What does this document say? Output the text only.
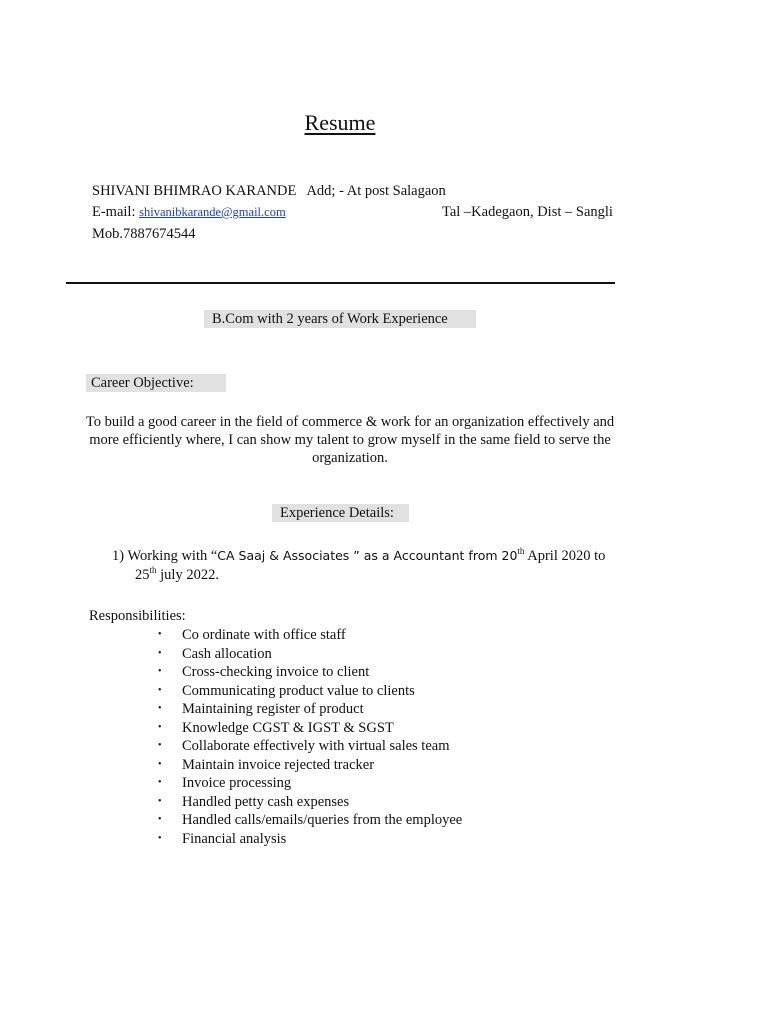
Resume
SHIVANI BHIMRAO KARANDE Add; - At post Salagaon
E-mail: shivanibkarande@gmail.com	Tal –Kadegaon, Dist – Sangli
Mob.7887674544
B.Com with 2 years of Work Experience
Career Objective:
To build a good career in the field of commerce & work for an organization effectively and more efficiently where, I can show my talent to grow myself in the same field to serve the organization.
Experience Details:
1) Working with “CA Saaj & Associates ” as a Accountant from 20th April 2020 to
25th july 2022.
Responsibilities:
• Co ordinate with office staff
• Cash allocation
• Cross-checking invoice to client
• Communicating product value to clients
• Maintaining register of product
• Knowledge CGST & IGST & SGST
• Collaborate effectively with virtual sales team
• Maintain invoice rejected tracker
• Invoice processing
• Handled petty cash expenses
• Handled calls/emails/queries from the employee
• Financial analysis
